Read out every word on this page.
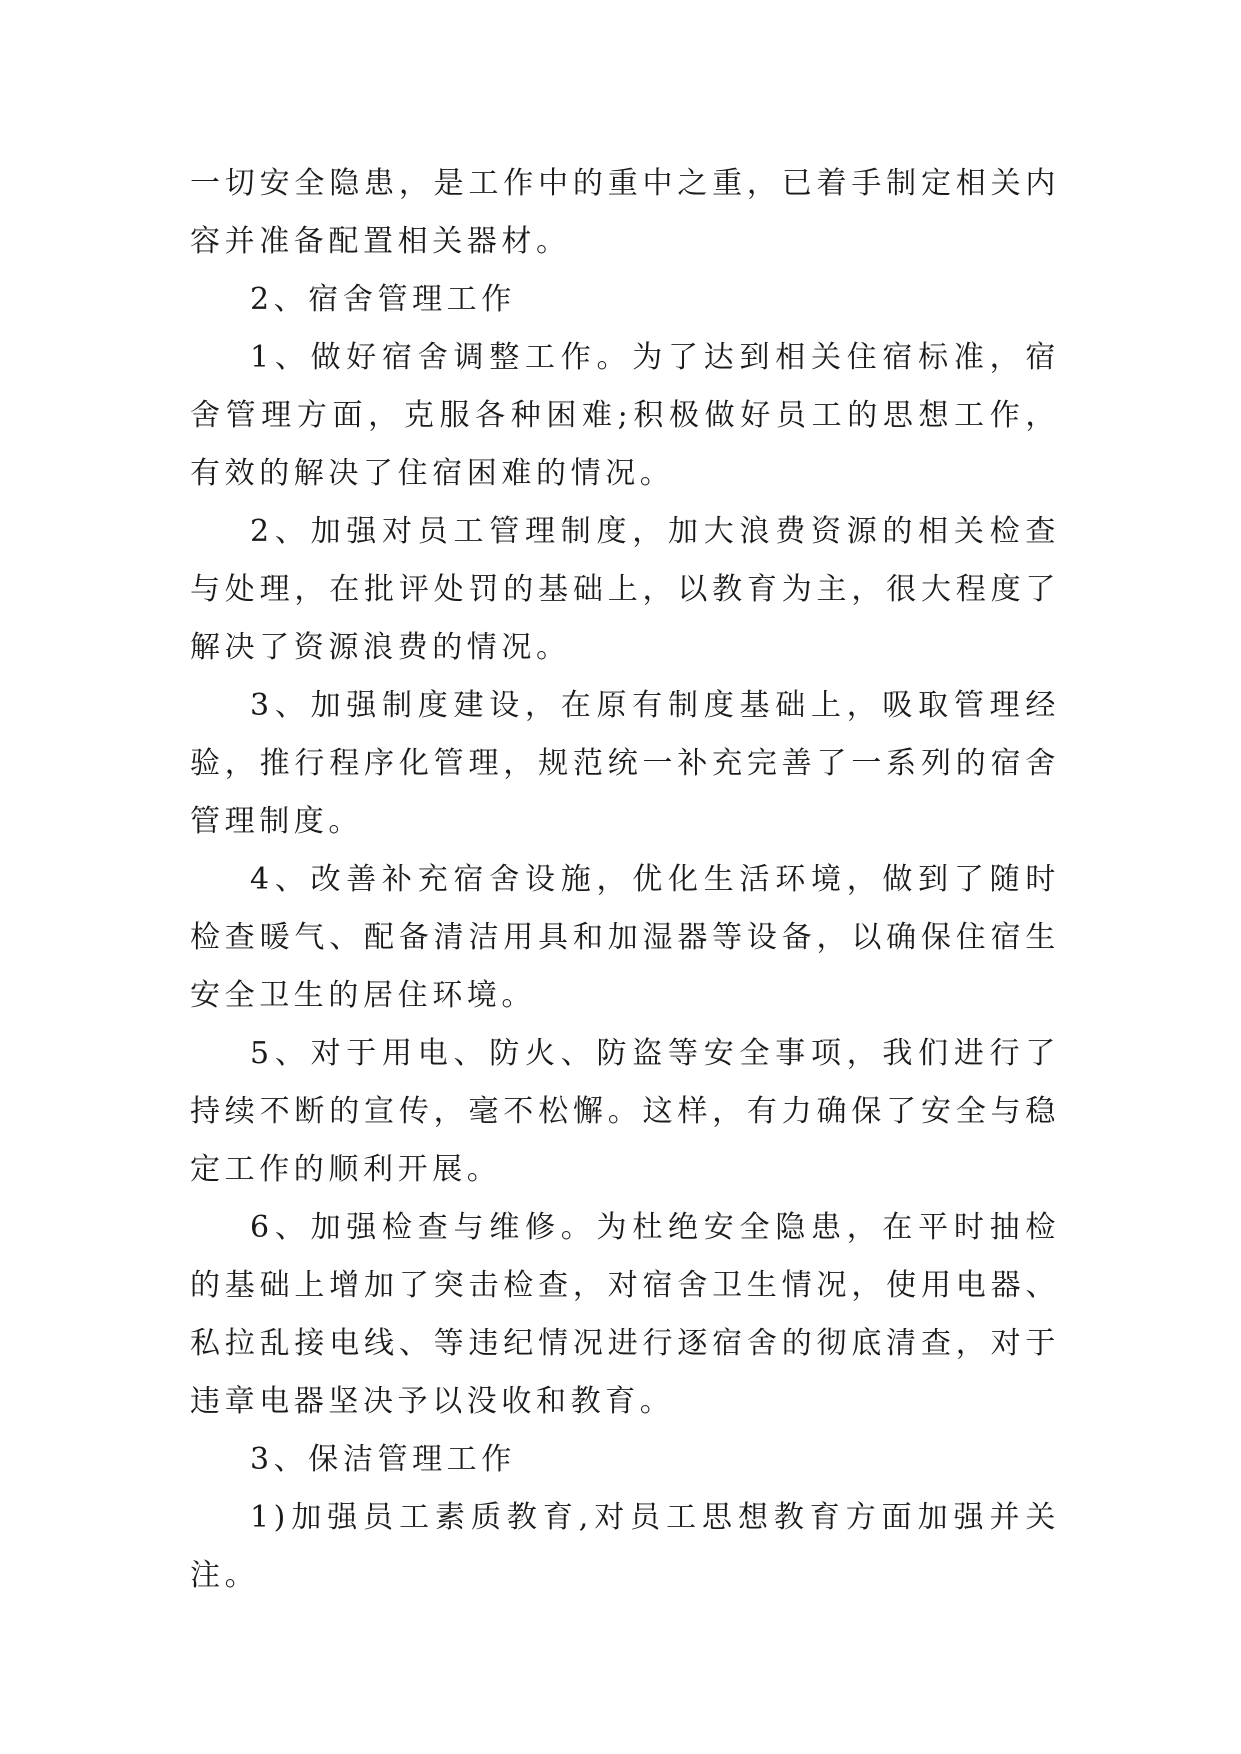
一切安全隐患，是工作中的重中之重，已着手制定相关内容并准备配置相关器材。

2、宿舍管理工作

1、做好宿舍调整工作。为了达到相关住宿标准，宿舍管理方面，克服各种困难;积极做好员工的思想工作，有效的解决了住宿困难的情况。

2、加强对员工管理制度，加大浪费资源的相关检查与处理，在批评处罚的基础上，以教育为主，很大程度了解决了资源浪费的情况。

3、加强制度建设，在原有制度基础上，吸取管理经验，推行程序化管理，规范统一补充完善了一系列的宿舍管理制度。

4、改善补充宿舍设施，优化生活环境，做到了随时检查暖气、配备清洁用具和加湿器等设备，以确保住宿生安全卫生的居住环境。

5、对于用电、防火、防盗等安全事项，我们进行了持续不断的宣传，毫不松懈。这样，有力确保了安全与稳定工作的顺利开展。

6、加强检查与维修。为杜绝安全隐患，在平时抽检的基础上增加了突击检查，对宿舍卫生情况，使用电器、私拉乱接电线、等违纪情况进行逐宿舍的彻底清查，对于违章电器坚决予以没收和教育。

3、保洁管理工作

1)加强员工素质教育,对员工思想教育方面加强并关注。
